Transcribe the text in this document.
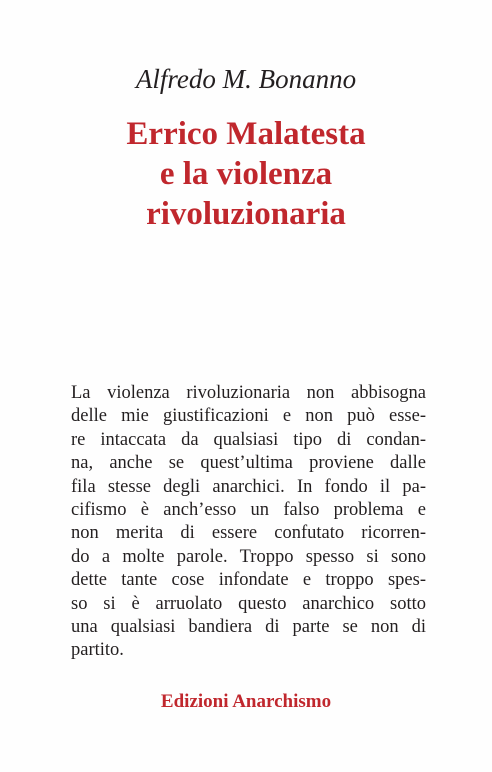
Alfredo M. Bonanno

Errico Malatesta
e la violenza
rivoluzionaria

La violenza rivoluzionaria non abbisogna
delle mie giustificazioni e non può esse-
re intaccata da qualsiasi tipo di condan-
na, anche se quest’ultima proviene dalle
fila stesse degli anarchici. In fondo il pa-
cifismo è anch’esso un falso problema e
non merita di essere confutato ricorren-
do a molte parole. Troppo spesso si sono
dette tante cose infondate e troppo spes-
so si è arruolato questo anarchico sotto
una qualsiasi bandiera di parte se non di
partito.

Edizioni Anarchismo
